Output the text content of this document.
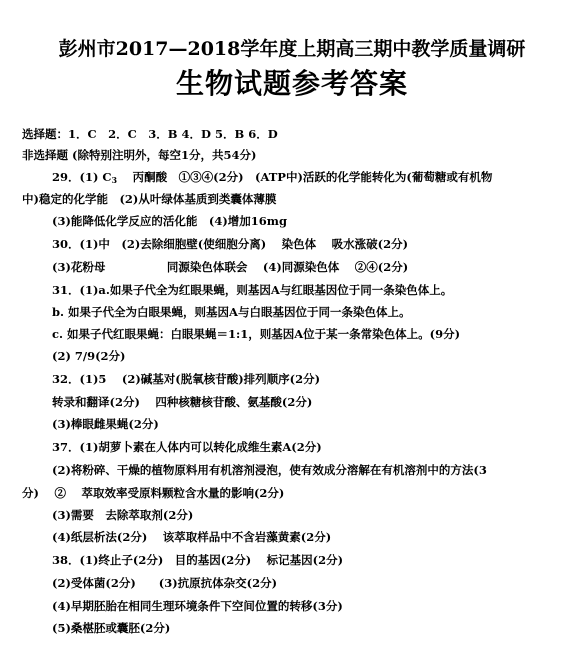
彭州市2017—2018学年度上期高三期中教学质量调研
生物试题参考答案
选择题：1．C　2．C　3．B 4．D 5．B 6．D
非选择题 (除特别注明外，每空1分，共54分)
29．(1) $C_3$　 丙酮酸　①③④(2分)　(ATP中)活跃的化学能转化为(葡萄糖或有机物
中)稳定的化学能　(2)从叶绿体基质到类囊体薄膜
(3)能降低化学反应的活化能　(4)增加16mg
30．(1)中　(2)去除细胞壁(使细胞分离)　 染色体　 吸水涨破(2分)
(3)花粉母　　　　　 同源染色体联会　 (4)同源染色体　 ②④(2分)
31．(1)a.如果子代全为红眼果蝇，则基因A与红眼基因位于同一条染色体上。
b. 如果子代全为白眼果蝇，则基因A与白眼基因位于同一条染色体上。
c. 如果子代红眼果蝇：白眼果蝇＝1:1，则基因A位于某一条常染色体上。(9分)
(2) 7/9(2分)
32．(1)5　 (2)碱基对(脱氧核苷酸)排列顺序(2分)
转录和翻译(2分)　 四种核糖核苷酸、氨基酸(2分)
(3)棒眼雌果蝇(2分)
37．(1)胡萝卜素在人体内可以转化成维生素A(2分)
(2)将粉碎、干燥的植物原料用有机溶剂浸泡，使有效成分溶解在有机溶剂中的方法(3
分)　 ②　 萃取效率受原料颗粒含水量的影响(2分)
(3)需要　去除萃取剂(2分)
(4)纸层析法(2分)　 该萃取样品中不含岩藻黄素(2分)
38．(1)终止子(2分)　目的基因(2分)　 标记基因(2分)
(2)受体菌(2分)　　(3)抗原抗体杂交(2分)
(4)早期胚胎在相同生理环境条件下空间位置的转移(3分)
(5)桑椹胚或囊胚(2分)
